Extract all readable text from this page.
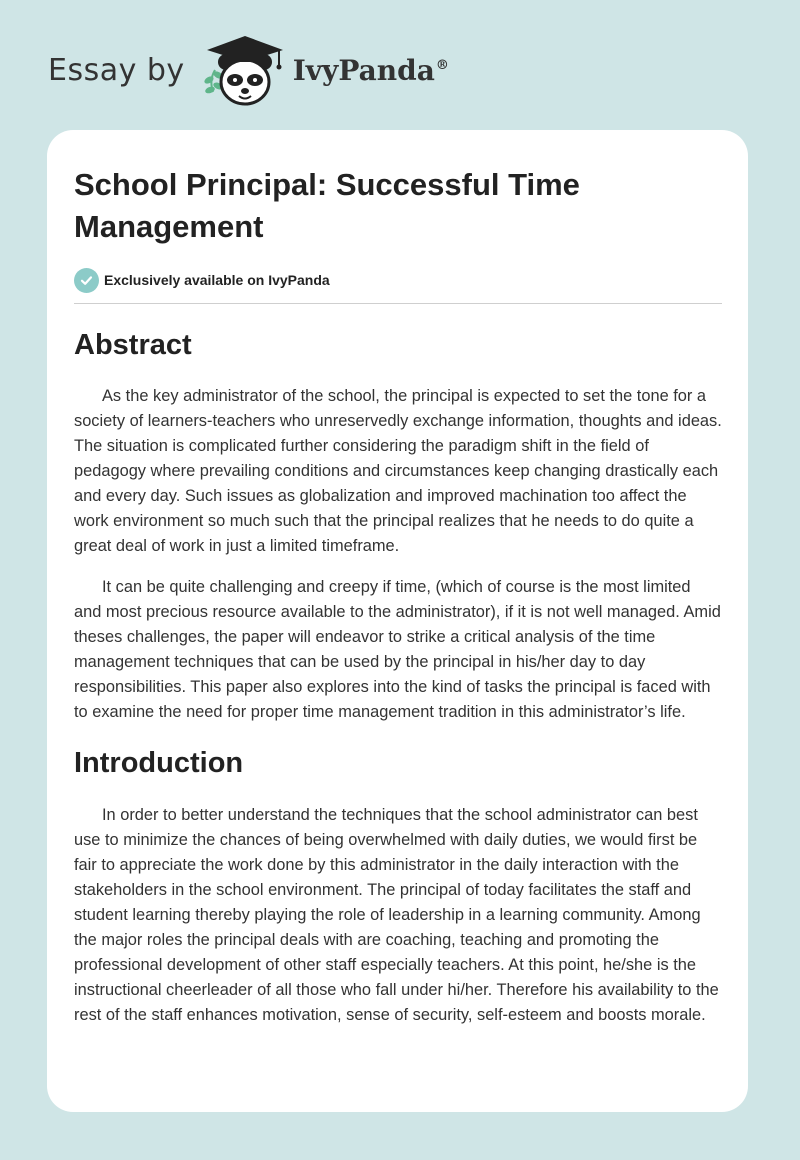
Essay by	IvyPanda®
School Principal: Successful Time Management
Exclusively available on IvyPanda
Abstract

As the key administrator of the school, the principal is expected to set the tone for a society of learners-teachers who unreservedly exchange information, thoughts and ideas. The situation is complicated further considering the paradigm shift in the field of pedagogy where prevailing conditions and circumstances keep changing drastically each and every day. Such issues as globalization and improved machination too affect the work environment so much such that the principal realizes that he needs to do quite a great deal of work in just a limited timeframe.

It can be quite challenging and creepy if time, (which of course is the most limited and most precious resource available to the administrator), if it is not well managed. Amid theses challenges, the paper will endeavor to strike a critical analysis of the time management techniques that can be used by the principal in his/her day to day responsibilities. This paper also explores into the kind of tasks the principal is faced with to examine the need for proper time management tradition in this administrator’s life.

Introduction

In order to better understand the techniques that the school administrator can best use to minimize the chances of being overwhelmed with daily duties, we would first be fair to appreciate the work done by this administrator in the daily interaction with the stakeholders in the school environment. The principal of today facilitates the staff and student learning thereby playing the role of leadership in a learning community. Among the major roles the principal deals with are coaching, teaching and promoting the professional development of other staff especially teachers. At this point, he/she is the instructional cheerleader of all those who fall under hi/her. Therefore his availability to the rest of the staff enhances motivation, sense of security, self-esteem and boosts morale.
